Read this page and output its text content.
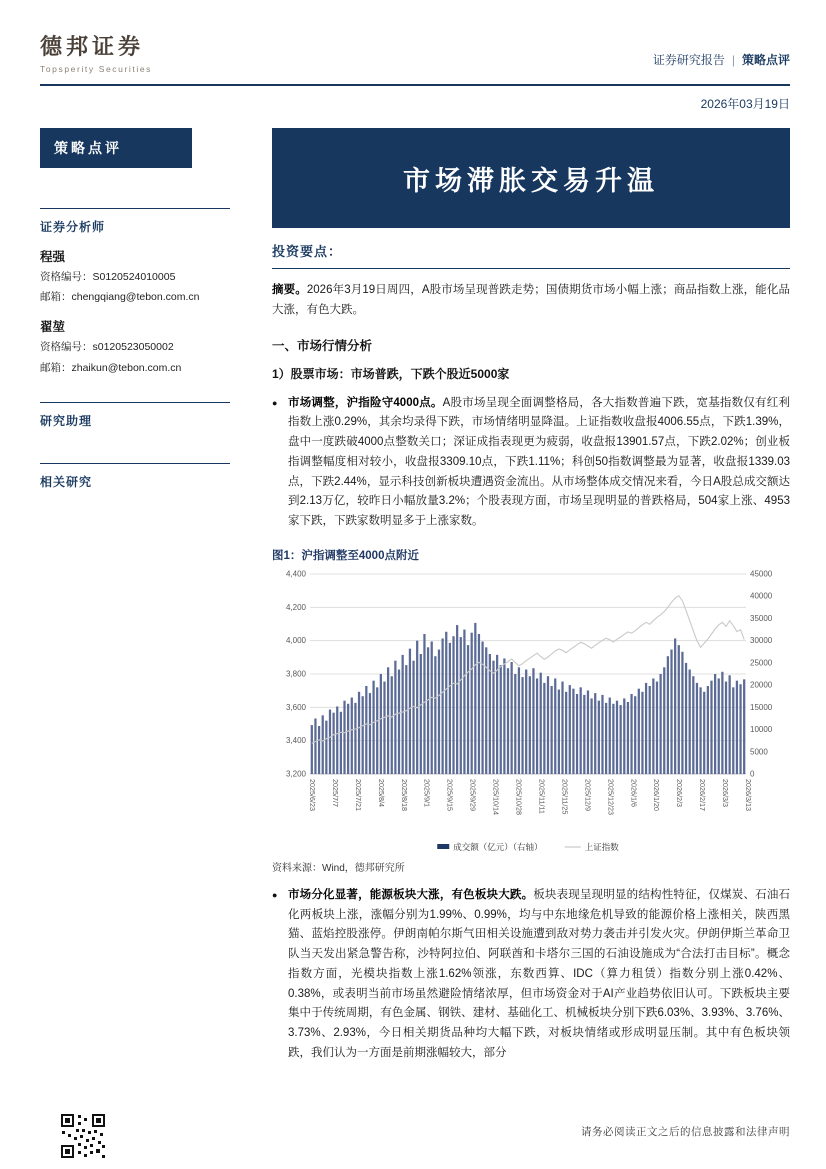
德邦证券
Topsperity Securities
证券研究报告 | 策略点评
2026年03月19日
策略点评
证券分析师
程强
资格编号：S0120524010005
邮箱：chengqiang@tebon.com.cn
翟堃
资格编号：s0120523050002
邮箱：zhaikun@tebon.com.cn
研究助理
相关研究
市场滞胀交易升温
投资要点：

摘要。2026年3月19日周四，A股市场呈现普跌走势；国债期货市场小幅上涨；商品指数上涨，能化品大涨，有色大跌。

一、市场行情分析
1）股票市场：市场普跌，下跌个股近5000家
● 市场调整，沪指险守4000点。A股市场呈现全面调整格局，各大指数普遍下跌，宽基指数仅有红利指数上涨0.29%，其余均录得下跌，市场情绪明显降温。上证指数收盘报4006.55点，下跌1.39%，盘中一度跌破4000点整数关口；深证成指表现更为疲弱，收盘报13901.57点，下跌2.02%；创业板指调整幅度相对较小，收盘报3309.10点，下跌1.11%；科创50指数调整最为显著，收盘报1339.03点，下跌2.44%，显示科技创新板块遭遇资金流出。从市场整体成交情况来看，今日A股总成交额达到2.13万亿，较昨日小幅放量3.2%；个股表现方面，市场呈现明显的普跌格局，504家上涨、4953家下跌，下跌家数明显多于上涨家数。

图1：沪指调整至4000点附近
3,200
3,400
3,600
3,800
4,000
4,200
4,400
0
5000
10000
15000
20000
25000
30000
35000
40000
45000
2025/6/23 2025/7/7 2025/7/21 2025/8/4 2025/8/18 2025/9/1 2025/9/15 2025/9/29 2025/10/14 2025/10/28 2025/11/11 2025/11/25 2025/12/9 2025/12/23 2026/1/6 2026/1/20 2026/2/3 2026/2/17 2026/3/3 2026/3/13
成交额（亿元）（右轴）	上证指数
资料来源：Wind，德邦研究所
● 市场分化显著，能源板块大涨，有色板块大跌。板块表现呈现明显的结构性特征，仅煤炭、石油石化两板块上涨，涨幅分别为1.99%、0.99%，均与中东地缘危机导致的能源价格上涨相关，陕西黑猫、蓝焰控股涨停。伊朗南帕尔斯气田相关设施遭到敌对势力袭击并引发火灾。伊朗伊斯兰革命卫队当天发出紧急警告称，沙特阿拉伯、阿联酋和卡塔尔三国的石油设施成为“合法打击目标”。概念指数方面，光模块指数上涨1.62%领涨，东数西算、IDC（算力租赁）指数分别上涨0.42%、0.38%，或表明当前市场虽然避险情绪浓厚，但市场资金对于AI产业趋势依旧认可。下跌板块主要集中于传统周期，有色金属、钢铁、建材、基础化工、机械板块分别下跌6.03%、3.93%、3.76%、3.73%、2.93%，今日相关期货品种均大幅下跌，对板块情绪或形成明显压制。其中有色板块领跌，我们认为一方面是前期涨幅较大，部分

请务必阅读正文之后的信息披露和法律声明
